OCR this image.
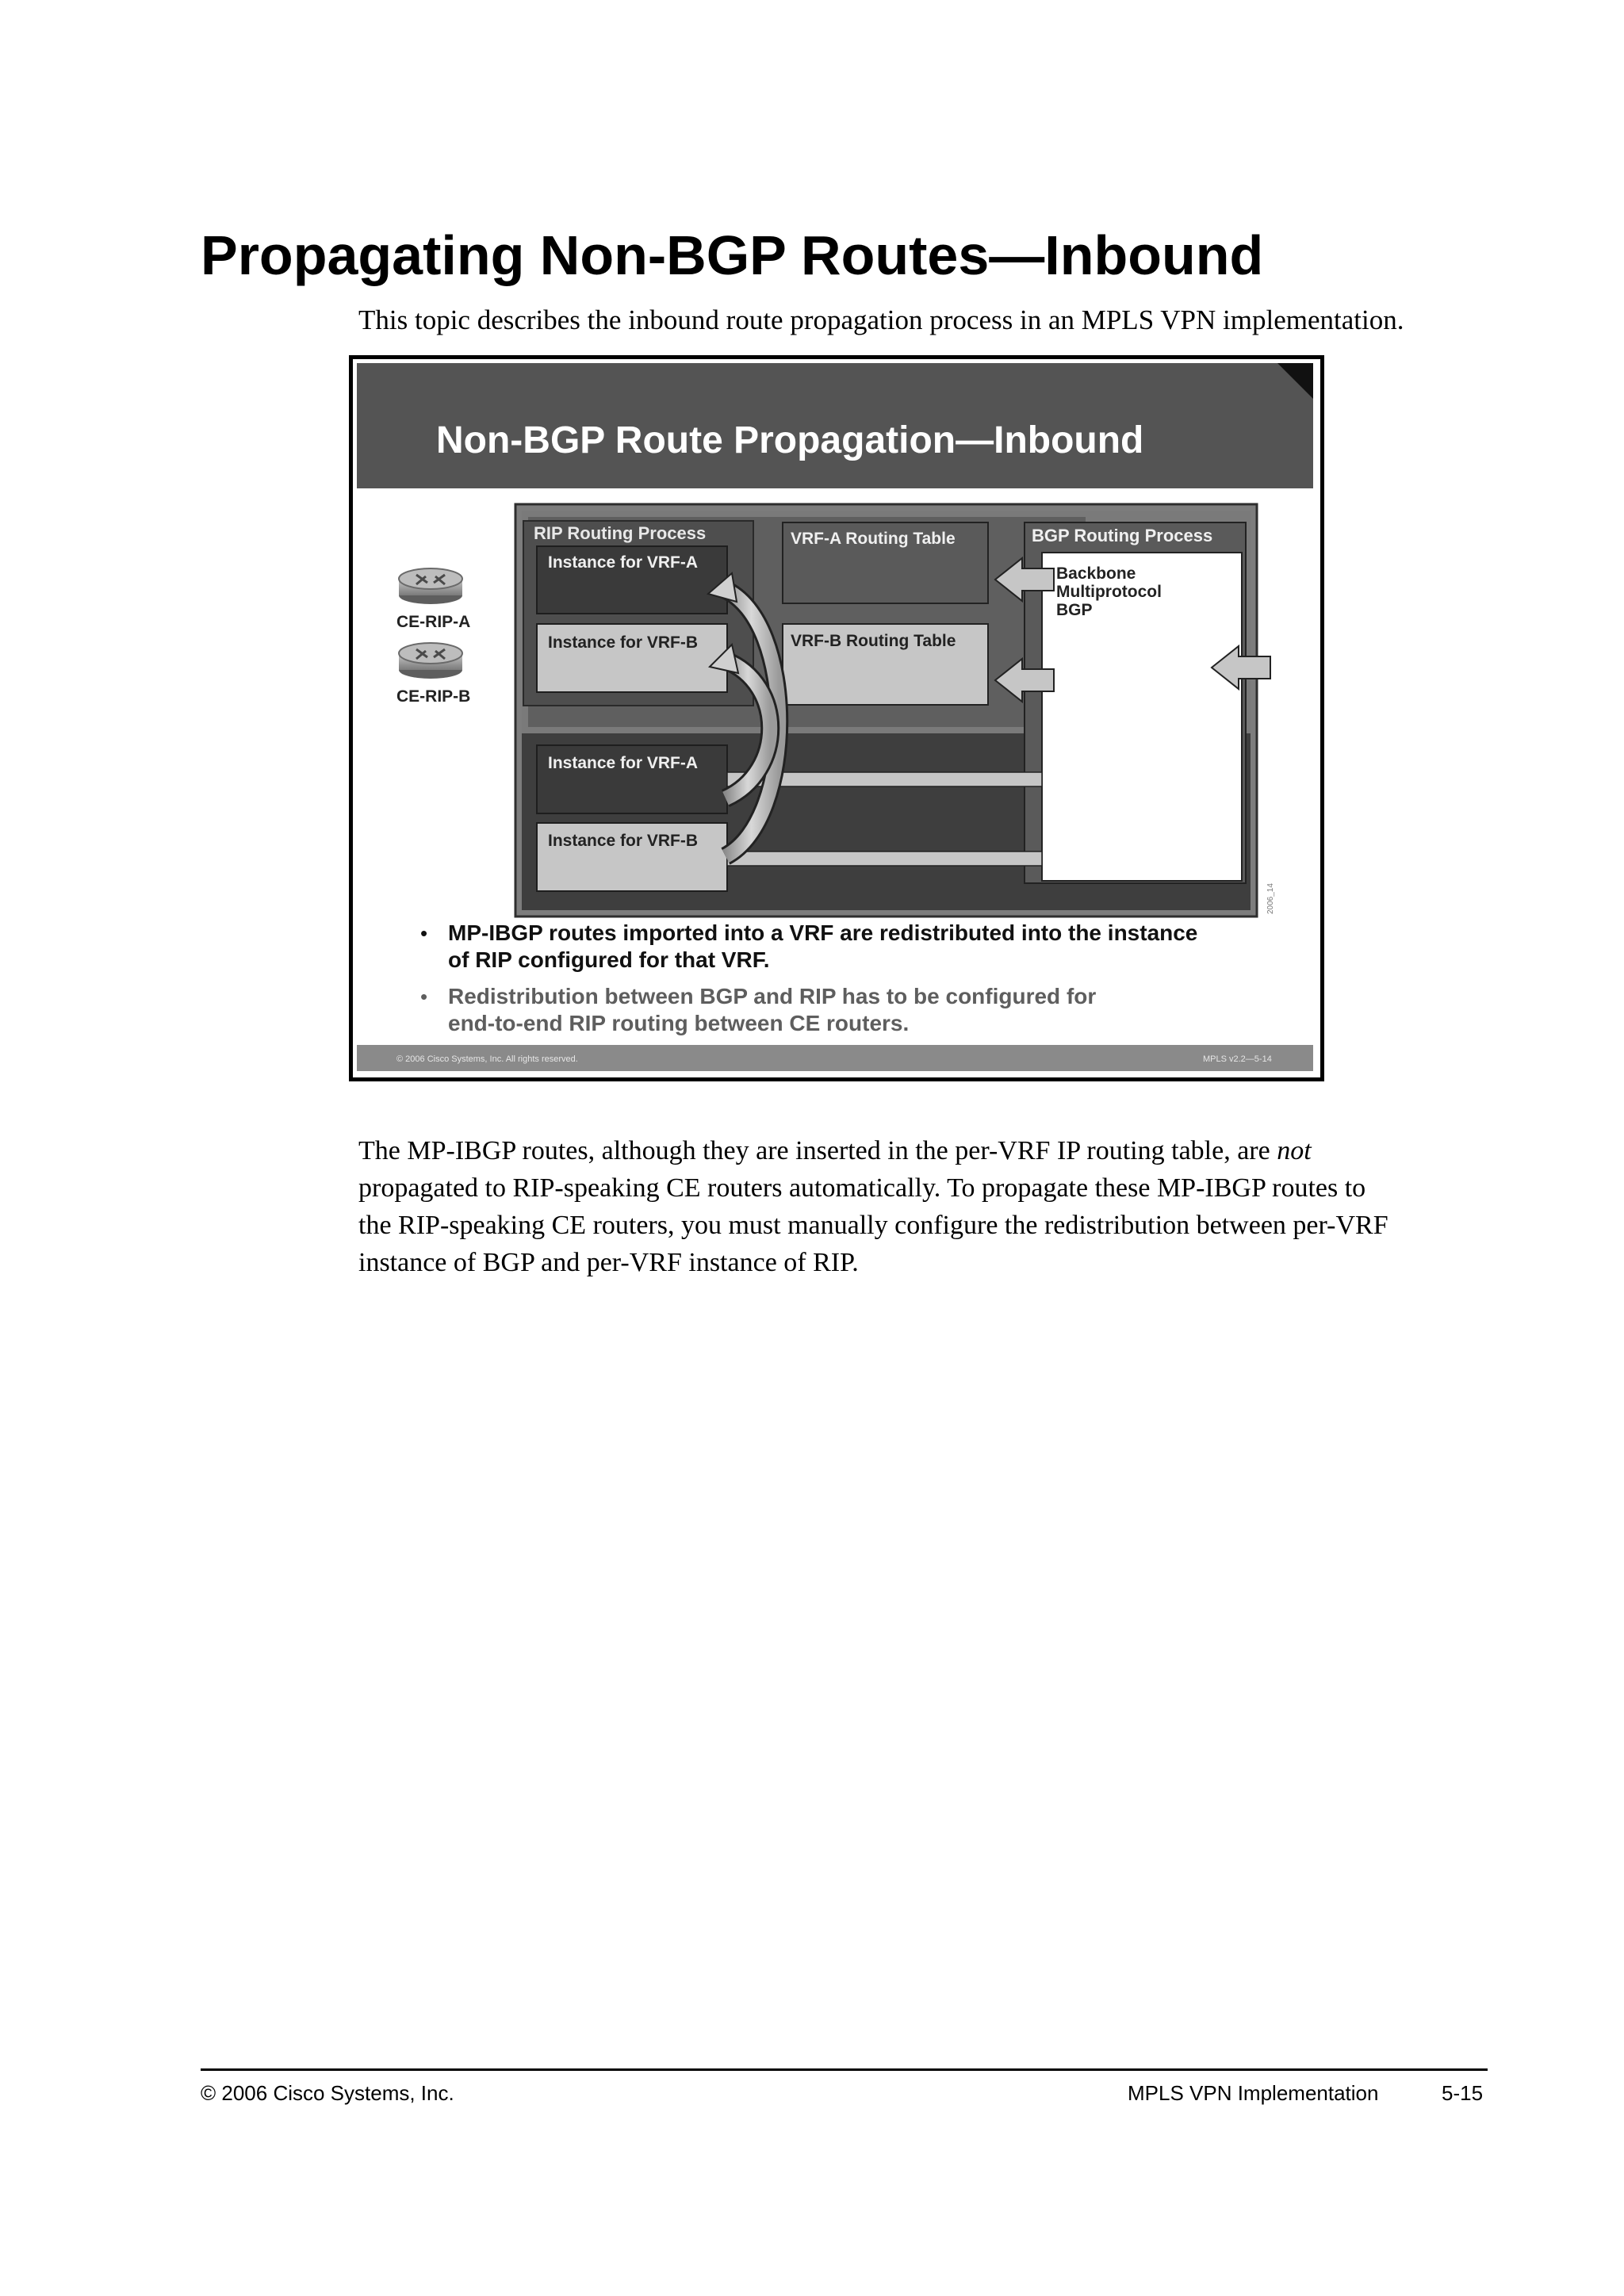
Propagating Non-BGP Routes—Inbound
This topic describes the inbound route propagation process in an MPLS VPN implementation.
Non-BGP Route Propagation—Inbound
CE-RIP-A
CE-RIP-B
RIP Routing Process
Instance for VRF-A
Instance for VRF-B
VRF-A Routing Table
VRF-B Routing Table
BGP Routing Process
Backbone
Multiprotocol
BGP
Instance for VRF-A
Instance for VRF-B
2006_14
• MP-IBGP routes imported into a VRF are redistributed into the instance
of RIP configured for that VRF.
• Redistribution between BGP and RIP has to be configured for
end-to-end RIP routing between CE routers.
© 2006 Cisco Systems, Inc. All rights reserved.	MPLS v2.2—5-14
The MP-IBGP routes, although they are inserted in the per-VRF IP routing table, are not
propagated to RIP-speaking CE routers automatically. To propagate these MP-IBGP routes to
the RIP-speaking CE routers, you must manually configure the redistribution between per-VRF
instance of BGP and per-VRF instance of RIP.
© 2006 Cisco Systems, Inc.	MPLS VPN Implementation	5-15
